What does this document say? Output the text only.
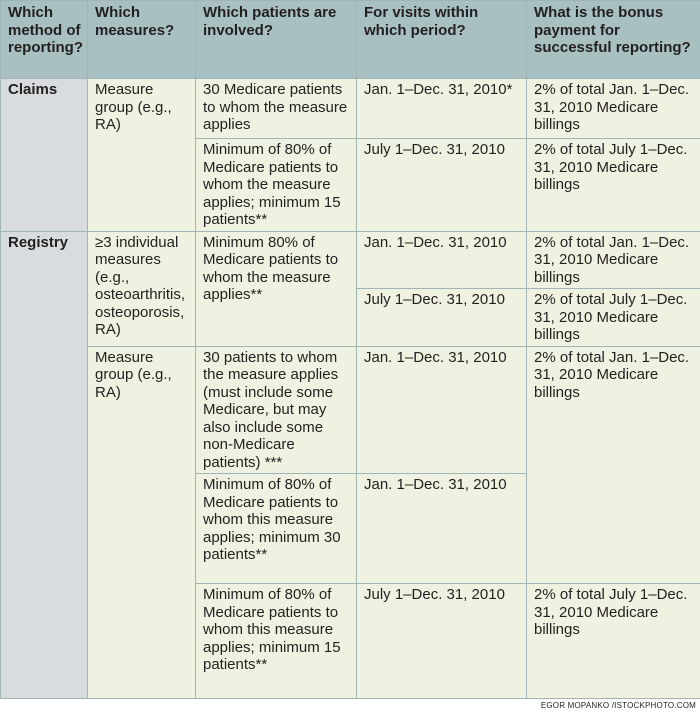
Which method of reporting?	Which measures?	Which patients are involved?	For visits within which period?	What is the bonus payment for successful reporting?
Claims	Measure group (e.g., RA)	30 Medicare patients to whom the measure applies	Jan. 1–Dec. 31, 2010*	2% of total Jan. 1–Dec. 31, 2010 Medicare billings
		Minimum of 80% of Medicare patients to whom the measure applies; minimum 15 patients**	July 1–Dec. 31, 2010	2% of total July 1–Dec. 31, 2010 Medicare billings
Registry	≥3 individual measures (e.g., osteoarthritis, osteoporosis, RA)	Minimum 80% of Medicare patients to whom the measure applies**	Jan. 1–Dec. 31, 2010	2% of total Jan. 1–Dec. 31, 2010 Medicare billings
			July 1–Dec. 31, 2010	2% of total July 1–Dec. 31, 2010 Medicare billings
	Measure group (e.g., RA)	30 patients to whom the measure applies (must include some Medicare, but may also include some non-Medicare patients) ***	Jan. 1–Dec. 31, 2010	2% of total Jan. 1–Dec. 31, 2010 Medicare billings
		Minimum of 80% of Medicare patients to whom this measure applies; minimum 30 patients**	Jan. 1–Dec. 31, 2010	
		Minimum of 80% of Medicare patients to whom this measure applies; minimum 15 patients**	July 1–Dec. 31, 2010	2% of total July 1–Dec. 31, 2010 Medicare billings
EGOR MOPANKO /ISTOCKPHOTO.COM
